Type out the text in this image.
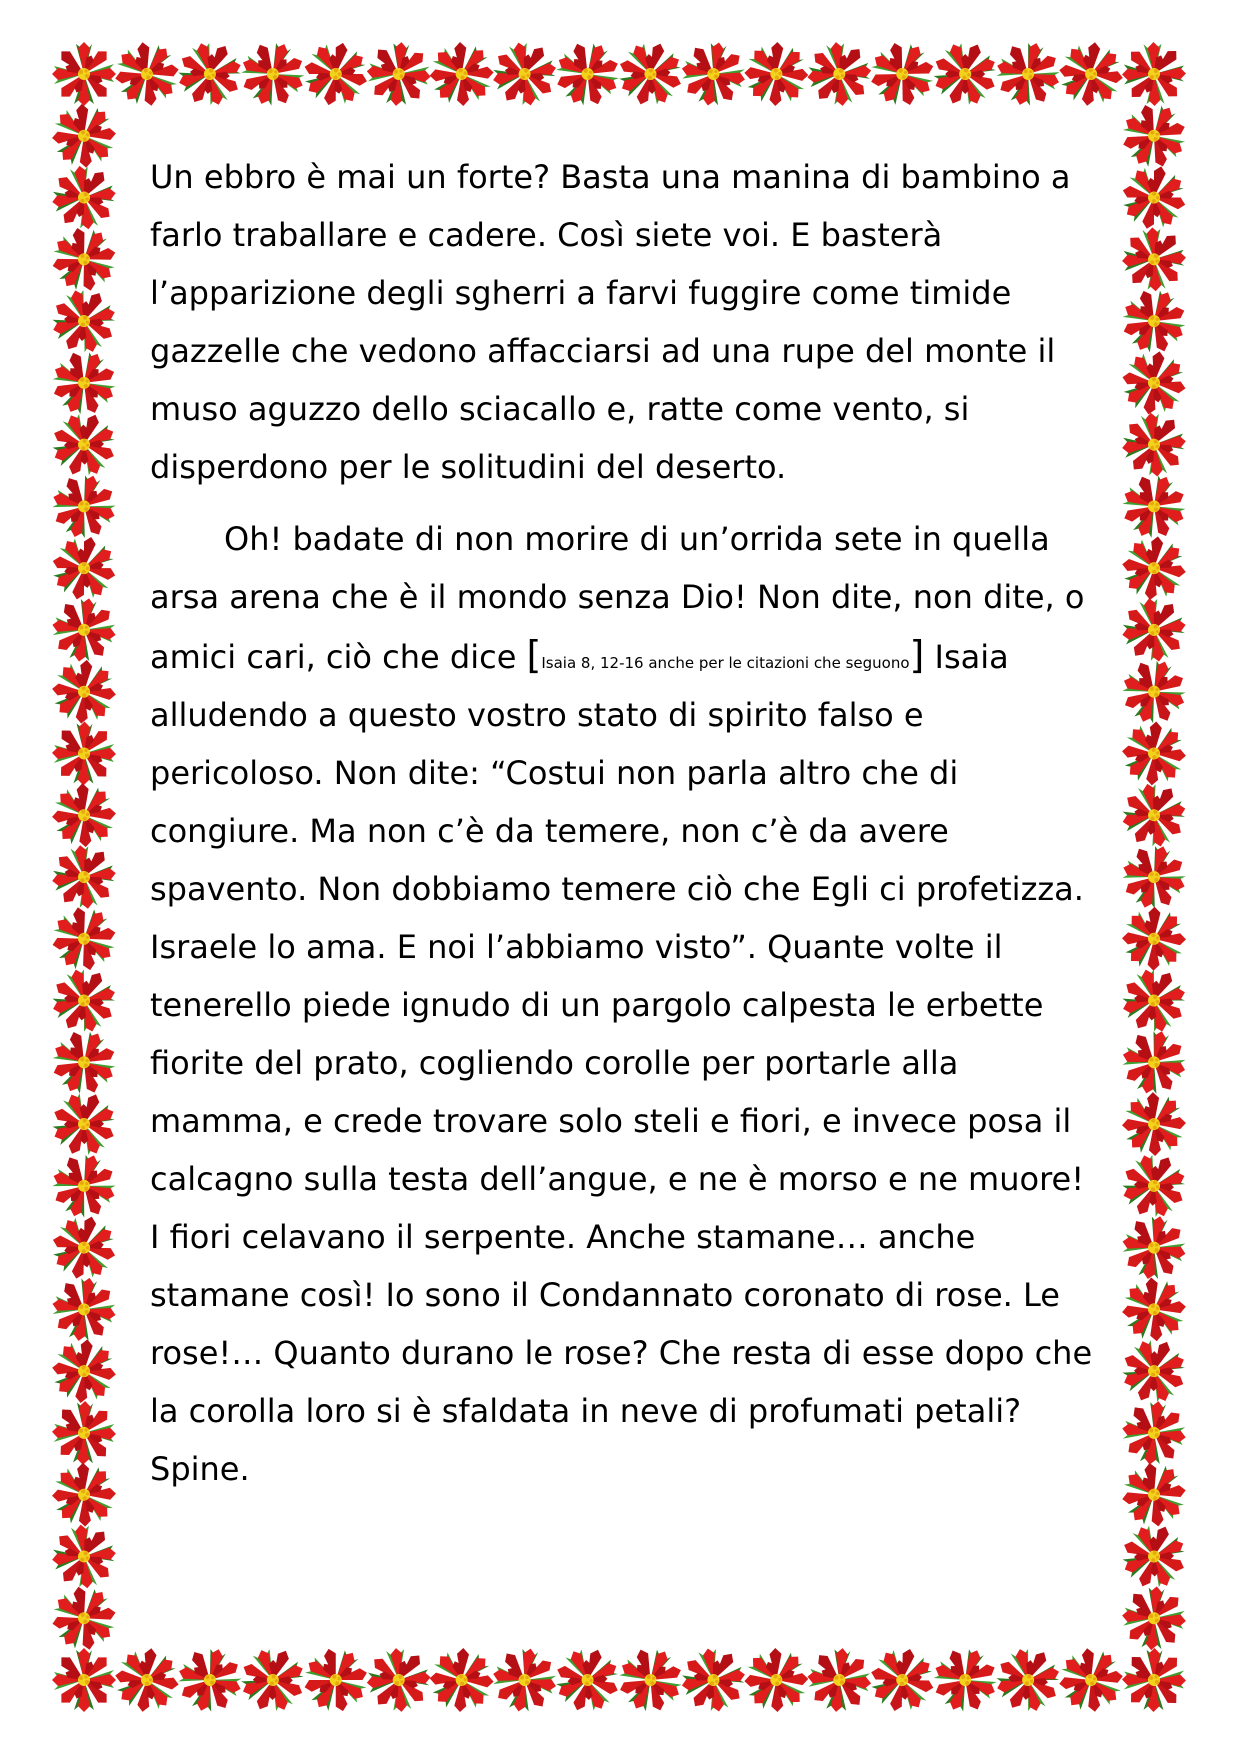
Un ebbro è mai un forte? Basta una manina di bambino a farlo traballare e cadere. Così siete voi. E basterà l’apparizione degli sgherri a farvi fuggire come timide gazzelle che vedono affacciarsi ad una rupe del monte il muso aguzzo dello sciacallo e, ratte come vento, si disperdono per le solitudini del deserto.

Oh! badate di non morire di un’orrida sete in quella arsa arena che è il mondo senza Dio! Non dite, non dite, o amici cari, ciò che dice [Isaia 8, 12-16 anche per le citazioni che seguono] Isaia alludendo a questo vostro stato di spirito falso e pericoloso. Non dite: “Costui non parla altro che di congiure. Ma non c’è da temere, non c’è da avere spavento. Non dobbiamo temere ciò che Egli ci profetizza. Israele lo ama. E noi l’abbiamo visto”. Quante volte il tenerello piede ignudo di un pargolo calpesta le erbette fiorite del prato, cogliendo corolle per portarle alla mamma, e crede trovare solo steli e fiori, e invece posa il calcagno sulla testa dell’angue, e ne è morso e ne muore! I fiori celavano il serpente. Anche stamane… anche stamane così! Io sono il Condannato coronato di rose. Le rose!… Quanto durano le rose? Che resta di esse dopo che la corolla loro si è sfaldata in neve di profumati petali? Spine.
